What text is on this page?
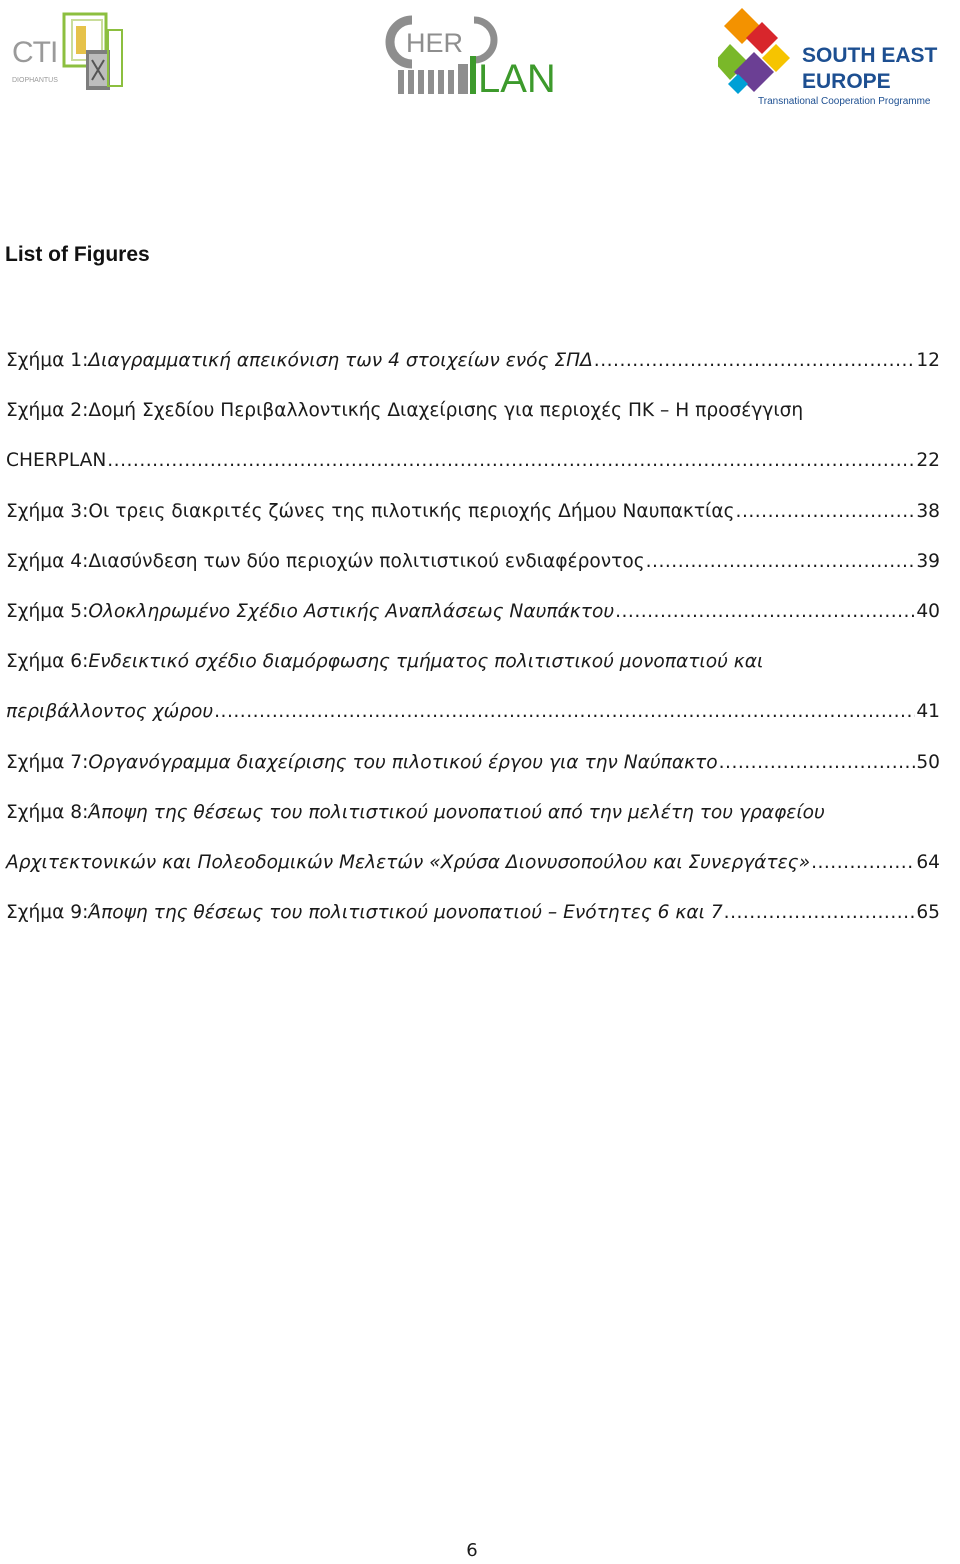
CTI
DIOPHANTUS
HER
LAN
SOUTH EAST
EUROPE
Transnational Cooperation Programme
List of Figures
Σχήμα 1: Διαγραμματική απεικόνιση των 4 στοιχείων ενός ΣΠΔ .....	12
Σχήμα 2: Δομή Σχεδίου Περιβαλλοντικής Διαχείρισης για περιοχές ΠΚ – Η προσέγγιση
CHERPLAN .....	22
Σχήμα 3: Οι τρεις διακριτές ζώνες της πιλοτικής περιοχής Δήμου Ναυπακτίας .....	38
Σχήμα 4: Διασύνδεση των δύο περιοχών πολιτιστικού ενδιαφέροντος .....	39
Σχήμα 5: Ολοκληρωμένο Σχέδιο Αστικής Αναπλάσεως Ναυπάκτου .....	40
Σχήμα 6: Ενδεικτικό σχέδιο διαμόρφωσης τμήματος πολιτιστικού μονοπατιού και
περιβάλλοντος χώρου .....	41
Σχήμα 7: Οργανόγραμμα διαχείρισης του πιλοτικού έργου για την Ναύπακτο .....	50
Σχήμα 8: Άποψη της θέσεως του πολιτιστικού μονοπατιού από την μελέτη του γραφείου
Αρχιτεκτονικών και Πολεοδομικών Μελετών «Χρύσα Διονυσοπούλου και Συνεργάτες» .....	64
Σχήμα 9: Άποψη της θέσεως του πολιτιστικού μονοπατιού – Ενότητες 6 και 7 .....	65
6
